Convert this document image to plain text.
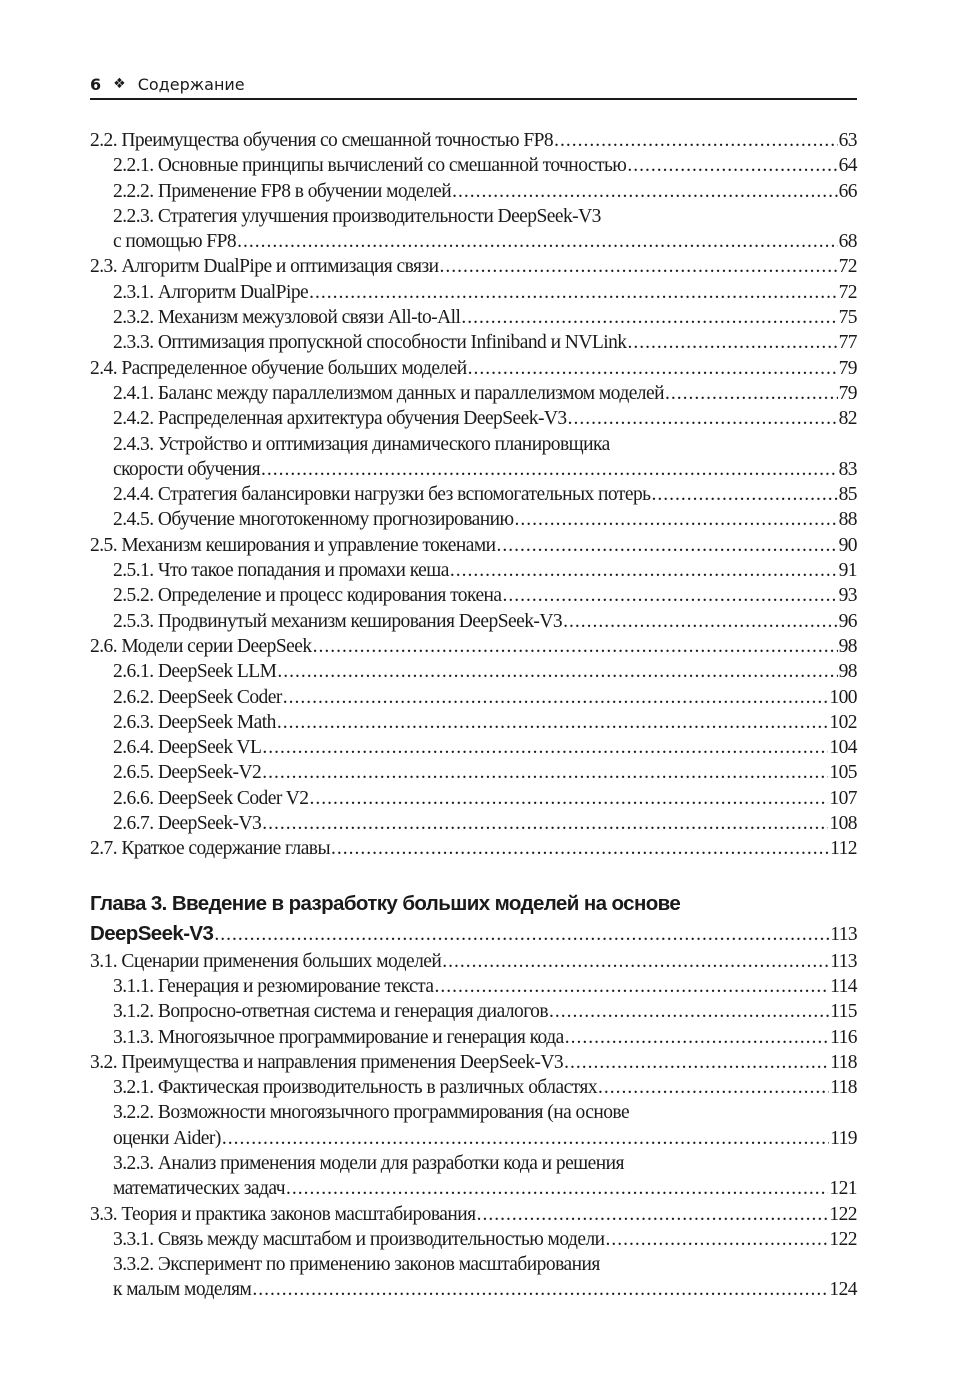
6 ❖ Содержание
2.2. Преимущества обучения со смешанной точностью FP8 .....	63
2.2.1. Основные принципы вычислений со смешанной точностью .....	64
2.2.2. Применение FP8 в обучении моделей .....	66
2.2.3. Стратегия улучшения производительности DeepSeek-V3
с помощью FP8 .....	68
2.3. Алгоритм DualPipe и оптимизация связи .....	72
2.3.1. Алгоритм DualPipe .....	72
2.3.2. Механизм межузловой связи All-to-All .....	75
2.3.3. Оптимизация пропускной способности Infiniband и NVLink .....	77
2.4. Распределенное обучение больших моделей .....	79
2.4.1. Баланс между параллелизмом данных и параллелизмом моделей .....	79
2.4.2. Распределенная архитектура обучения DeepSeek-V3 .....	82
2.4.3. Устройство и оптимизация динамического планировщика
скорости обучения .....	83
2.4.4. Стратегия балансировки нагрузки без вспомогательных потерь .....	85
2.4.5. Обучение многотокенному прогнозированию .....	88
2.5. Механизм кеширования и управление токенами .....	90
2.5.1. Что такое попадания и промахи кеша .....	91
2.5.2. Определение и процесс кодирования токена .....	93
2.5.3. Продвинутый механизм кеширования DeepSeek-V3 .....	96
2.6. Модели серии DeepSeek .....	98
2.6.1. DeepSeek LLM .....	98
2.6.2. DeepSeek Coder .....	100
2.6.3. DeepSeek Math .....	102
2.6.4. DeepSeek VL .....	104
2.6.5. DeepSeek-V2 .....	105
2.6.6. DeepSeek Coder V2 .....	107
2.6.7. DeepSeek-V3 .....	108
2.7. Краткое содержание главы .....	112
Глава 3. Введение в разработку больших моделей на основе
DeepSeek-V3 .....	113
3.1. Сценарии применения больших моделей .....	113
3.1.1. Генерация и резюмирование текста .....	114
3.1.2. Вопросно-ответная система и генерация диалогов .....	115
3.1.3. Многоязычное программирование и генерация кода .....	116
3.2. Преимущества и направления применения DeepSeek-V3 .....	118
3.2.1. Фактическая производительность в различных областях .....	118
3.2.2. Возможности многоязычного программирования (на основе
оценки Aider) .....	119
3.2.3. Анализ применения модели для разработки кода и решения
математических задач .....	121
3.3. Теория и практика законов масштабирования .....	122
3.3.1. Связь между масштабом и производительностью модели .....	122
3.3.2. Эксперимент по применению законов масштабирования
к малым моделям .....	124
